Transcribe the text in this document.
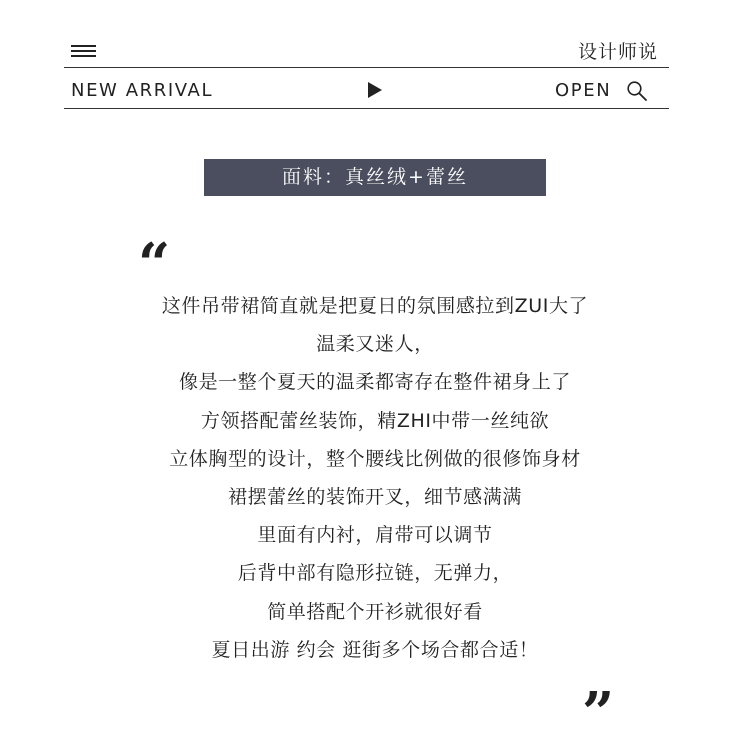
设计师说
NEW ARRIVAL	OPEN
面料：真丝绒+蕾丝
“
这件吊带裙简直就是把夏日的氛围感拉到ZUI大了
温柔又迷人，
像是一整个夏天的温柔都寄存在整件裙身上了
方领搭配蕾丝装饰，精ZHI中带一丝纯欲
立体胸型的设计，整个腰线比例做的很修饰身材
裙摆蕾丝的装饰开叉，细节感满满
里面有内衬，肩带可以调节
后背中部有隐形拉链，无弹力，
简单搭配个开衫就很好看
夏日出游 约会 逛街多个场合都合适！
”
